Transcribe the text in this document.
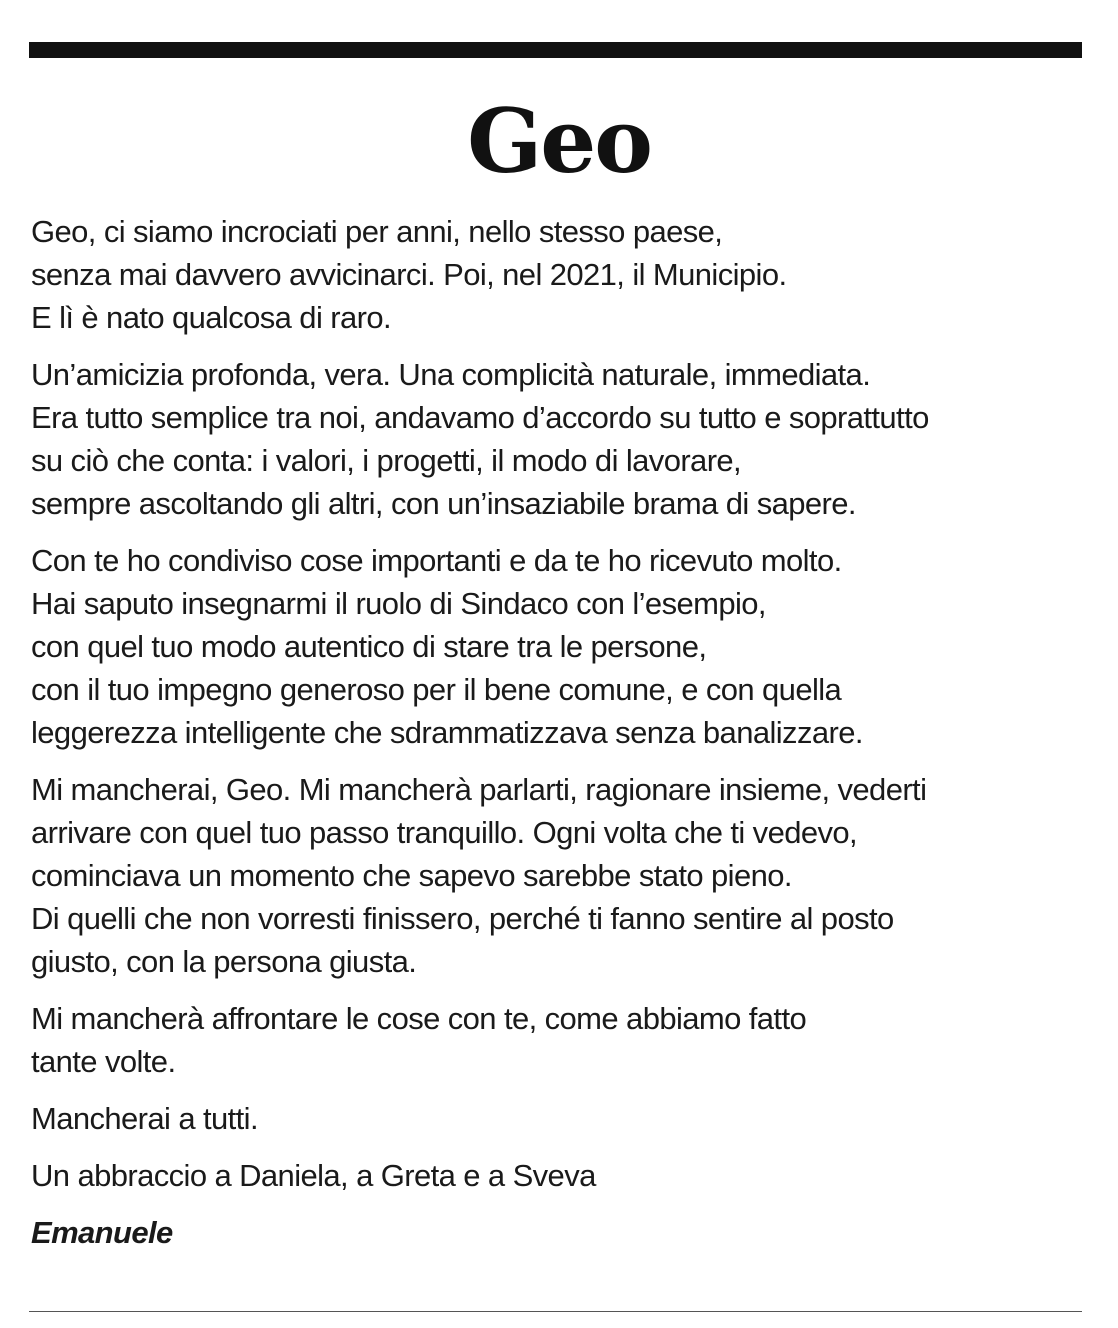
Geo

Geo, ci siamo incrociati per anni, nello stesso paese,
senza mai davvero avvicinarci. Poi, nel 2021, il Municipio.
E lì è nato qualcosa di raro.

Un’amicizia profonda, vera. Una complicità naturale, immediata.
Era tutto semplice tra noi, andavamo d’accordo su tutto e soprattutto
su ciò che conta: i valori, i progetti, il modo di lavorare,
sempre ascoltando gli altri, con un’insaziabile brama di sapere.

Con te ho condiviso cose importanti e da te ho ricevuto molto.
Hai saputo insegnarmi il ruolo di Sindaco con l’esempio,
con quel tuo modo autentico di stare tra le persone,
con il tuo impegno generoso per il bene comune, e con quella
leggerezza intelligente che sdrammatizzava senza banalizzare.

Mi mancherai, Geo. Mi mancherà parlarti, ragionare insieme, vederti
arrivare con quel tuo passo tranquillo. Ogni volta che ti vedevo,
cominciava un momento che sapevo sarebbe stato pieno.
Di quelli che non vorresti finissero, perché ti fanno sentire al posto
giusto, con la persona giusta.

Mi mancherà affrontare le cose con te, come abbiamo fatto
tante volte.

Mancherai a tutti.

Un abbraccio a Daniela, a Greta e a Sveva

Emanuele
